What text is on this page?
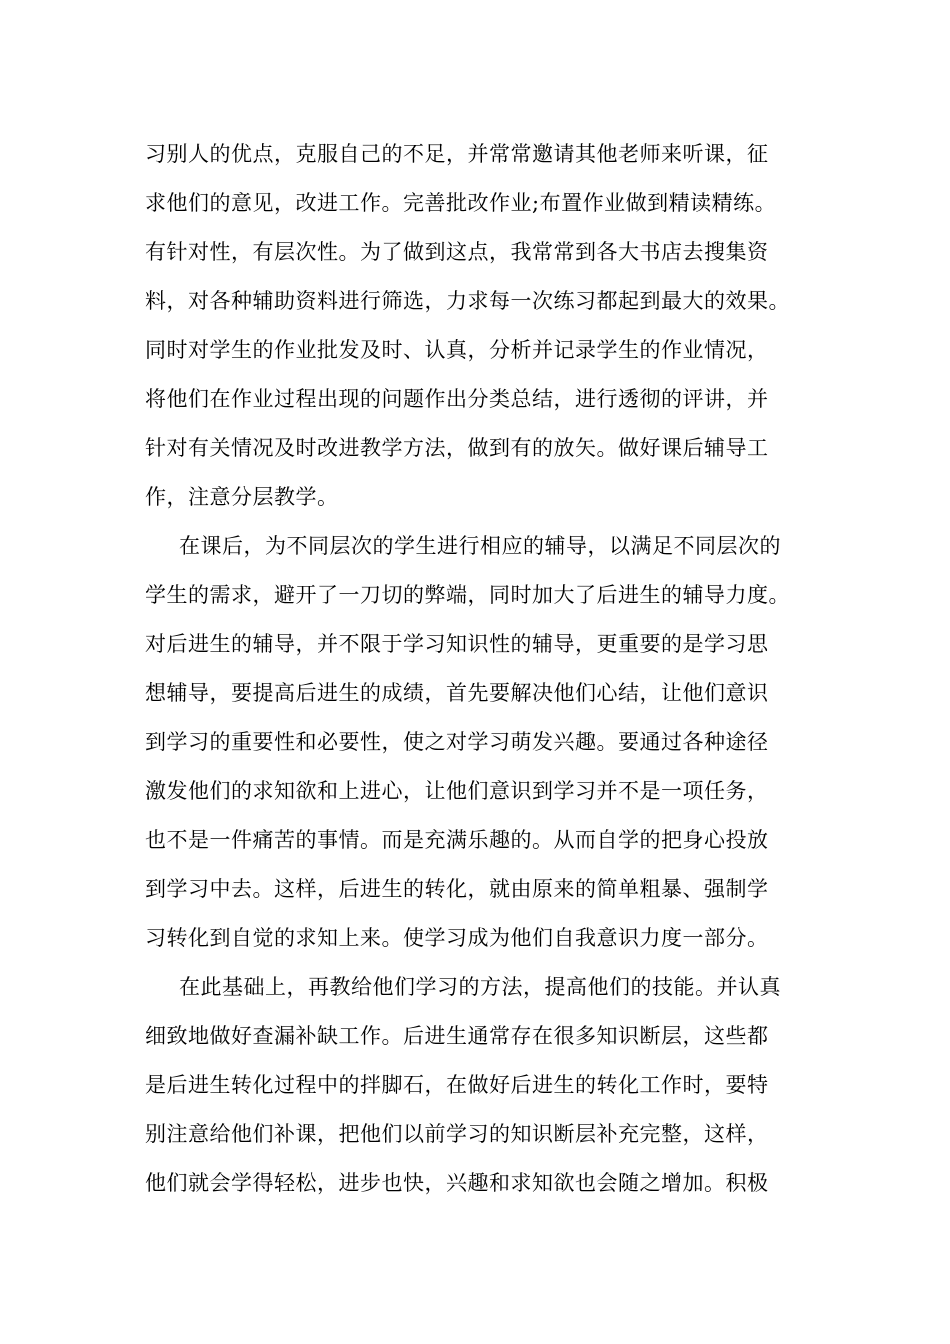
习别人的优点，克服自己的不足，并常常邀请其他老师来听课，征
求他们的意见，改进工作。完善批改作业;布置作业做到精读精练。
有针对性，有层次性。为了做到这点，我常常到各大书店去搜集资
料，对各种辅助资料进行筛选，力求每一次练习都起到最大的效果。
同时对学生的作业批发及时、认真，分析并记录学生的作业情况，
将他们在作业过程出现的问题作出分类总结，进行透彻的评讲，并
针对有关情况及时改进教学方法，做到有的放矢。做好课后辅导工
作，注意分层教学。
在课后，为不同层次的学生进行相应的辅导，以满足不同层次的
学生的需求，避开了一刀切的弊端，同时加大了后进生的辅导力度。
对后进生的辅导，并不限于学习知识性的辅导，更重要的是学习思
想辅导，要提高后进生的成绩，首先要解决他们心结，让他们意识
到学习的重要性和必要性，使之对学习萌发兴趣。要通过各种途径
激发他们的求知欲和上进心，让他们意识到学习并不是一项任务，
也不是一件痛苦的事情。而是充满乐趣的。从而自学的把身心投放
到学习中去。这样，后进生的转化，就由原来的简单粗暴、强制学
习转化到自觉的求知上来。使学习成为他们自我意识力度一部分。
在此基础上，再教给他们学习的方法，提高他们的技能。并认真
细致地做好查漏补缺工作。后进生通常存在很多知识断层，这些都
是后进生转化过程中的拌脚石，在做好后进生的转化工作时，要特
别注意给他们补课，把他们以前学习的知识断层补充完整，这样，
他们就会学得轻松，进步也快，兴趣和求知欲也会随之增加。积极
